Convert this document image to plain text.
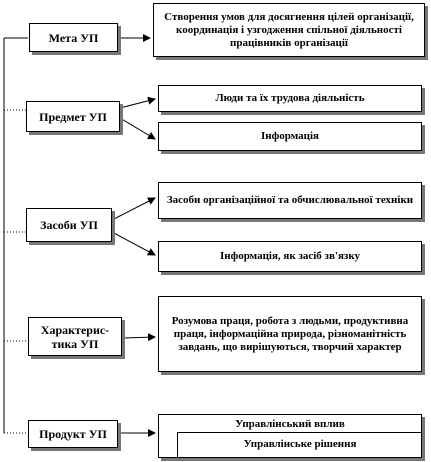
Мета УП
Предмет УП
Засоби УП
Характерис-
тика УП
Продукт УП
Створення умов для досягнення цілей організації, координація і узгодження спільної діяльності працівників організації
Люди та їх трудова діяльність
Інформація
Засоби організаційної та обчислювальної техніки
Інформація, як засіб зв'язку
Розумова праця, робота з людьми, продуктивна праця, інформаційна природа, різноманітність завдань, що вирішуються, творчий характер
Управлінський вплив
Управлінське рішення
